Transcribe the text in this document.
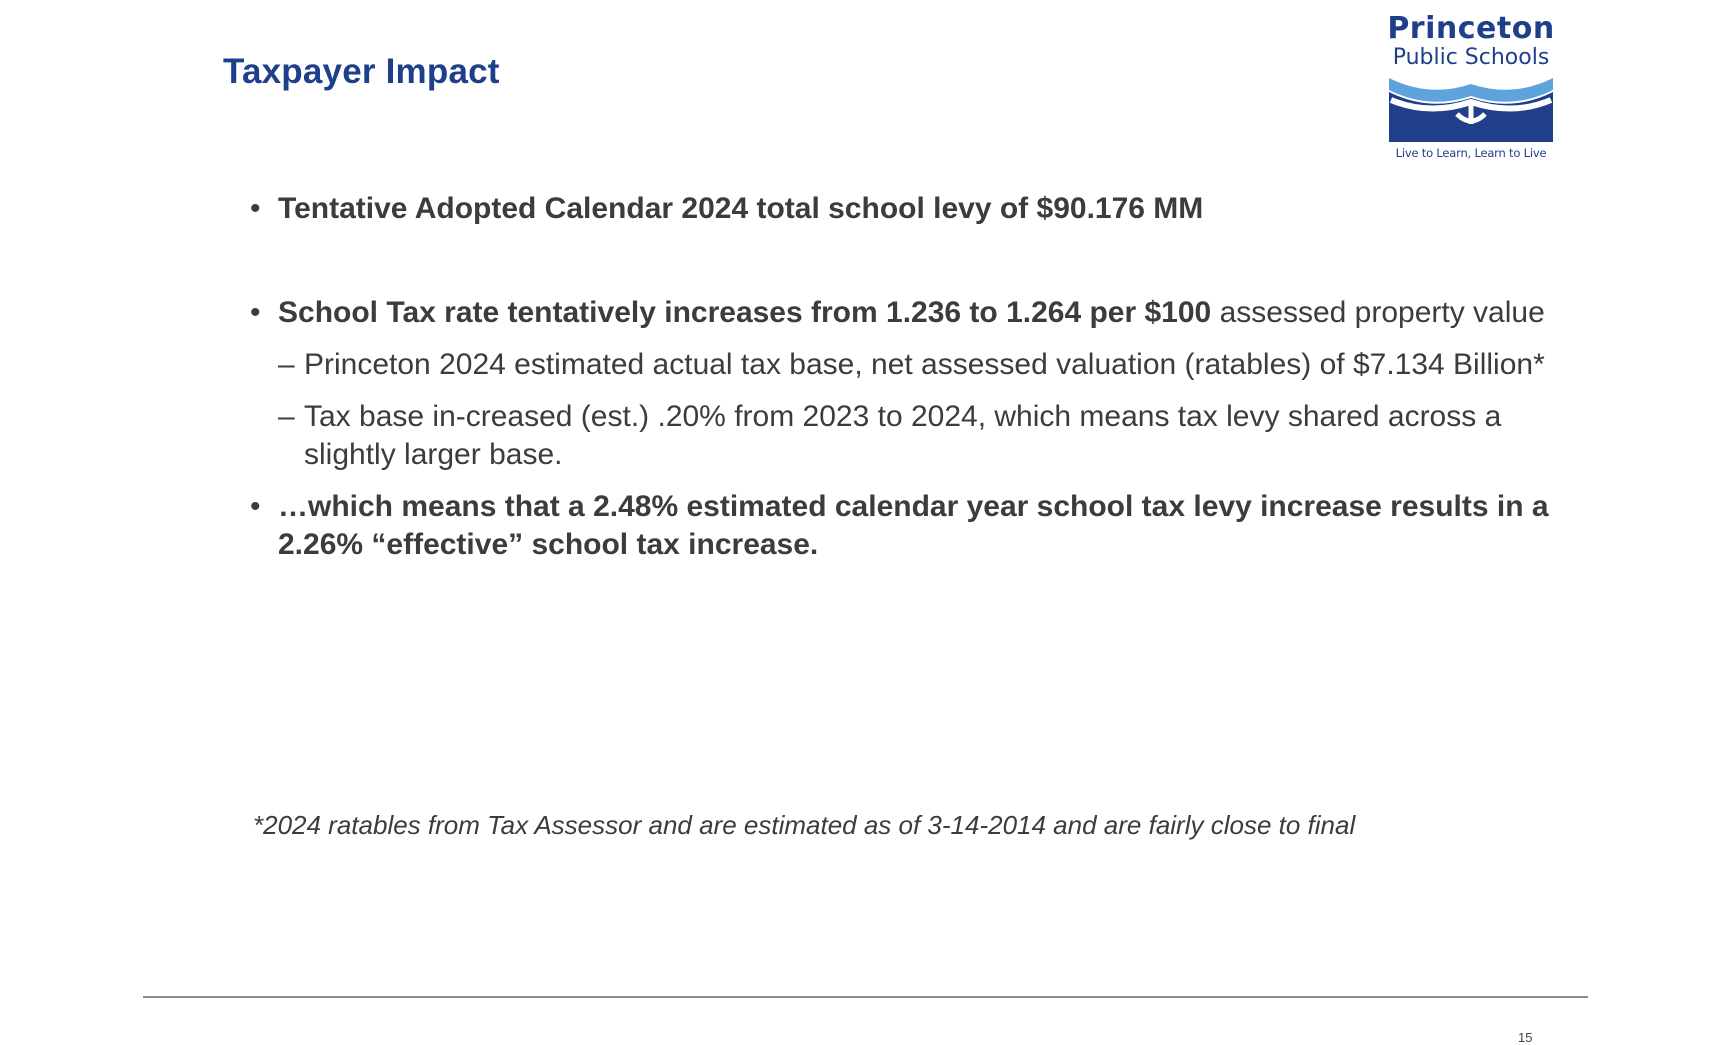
Taxpayer Impact
Princeton
Public Schools
Live to Learn, Learn to Live
• Tentative Adopted Calendar 2024 total school levy of $90.176 MM
• School Tax rate tentatively increases from 1.236 to 1.264 per $100 assessed property value
– Princeton 2024 estimated actual tax base, net assessed valuation (ratables) of $7.134 Billion*
– Tax base in-creased (est.) .20% from 2023 to 2024, which means tax levy shared across a slightly larger base.
• …which means that a 2.48% estimated calendar year school tax levy increase results in a 2.26% “effective” school tax increase.
*2024 ratables from Tax Assessor and are estimated as of 3-14-2014 and are fairly close to final
15
